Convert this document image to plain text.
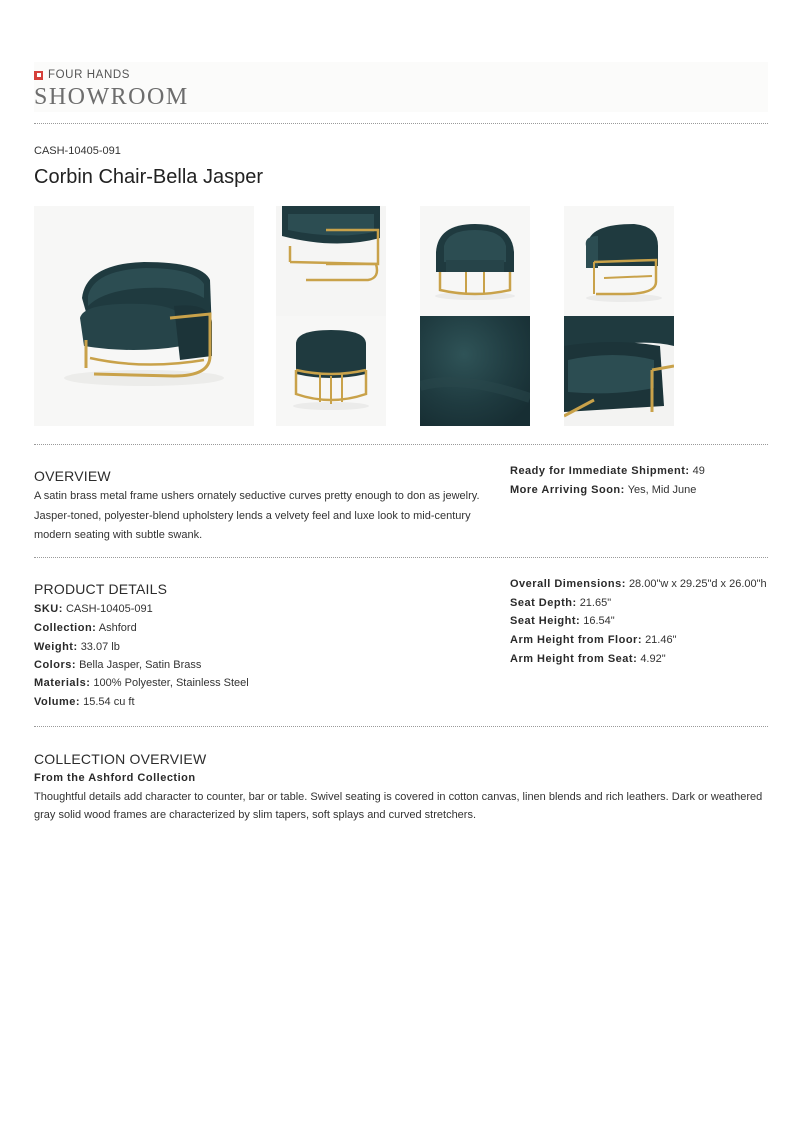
FOUR HANDS
SHOWROOM
CASH-10405-091
Corbin Chair-Bella Jasper
OVERVIEW
A satin brass metal frame ushers ornately seductive curves pretty enough to don as jewelry.
Jasper-toned, polyester-blend upholstery lends a velvety feel and luxe look to mid-century
modern seating with subtle swank.
Ready for Immediate Shipment: 49
More Arriving Soon: Yes, Mid June
PRODUCT DETAILS
SKU: CASH-10405-091
Collection: Ashford
Weight: 33.07 lb
Colors: Bella Jasper, Satin Brass
Materials: 100% Polyester, Stainless Steel
Volume: 15.54 cu ft
Overall Dimensions: 28.00"w x 29.25"d x 26.00"h
Seat Depth: 21.65"
Seat Height: 16.54"
Arm Height from Floor: 21.46"
Arm Height from Seat: 4.92"
COLLECTION OVERVIEW
From the Ashford Collection
Thoughtful details add character to counter, bar or table. Swivel seating is covered in cotton canvas, linen blends and rich leathers. Dark or weathered
gray solid wood frames are characterized by slim tapers, soft splays and curved stretchers.
